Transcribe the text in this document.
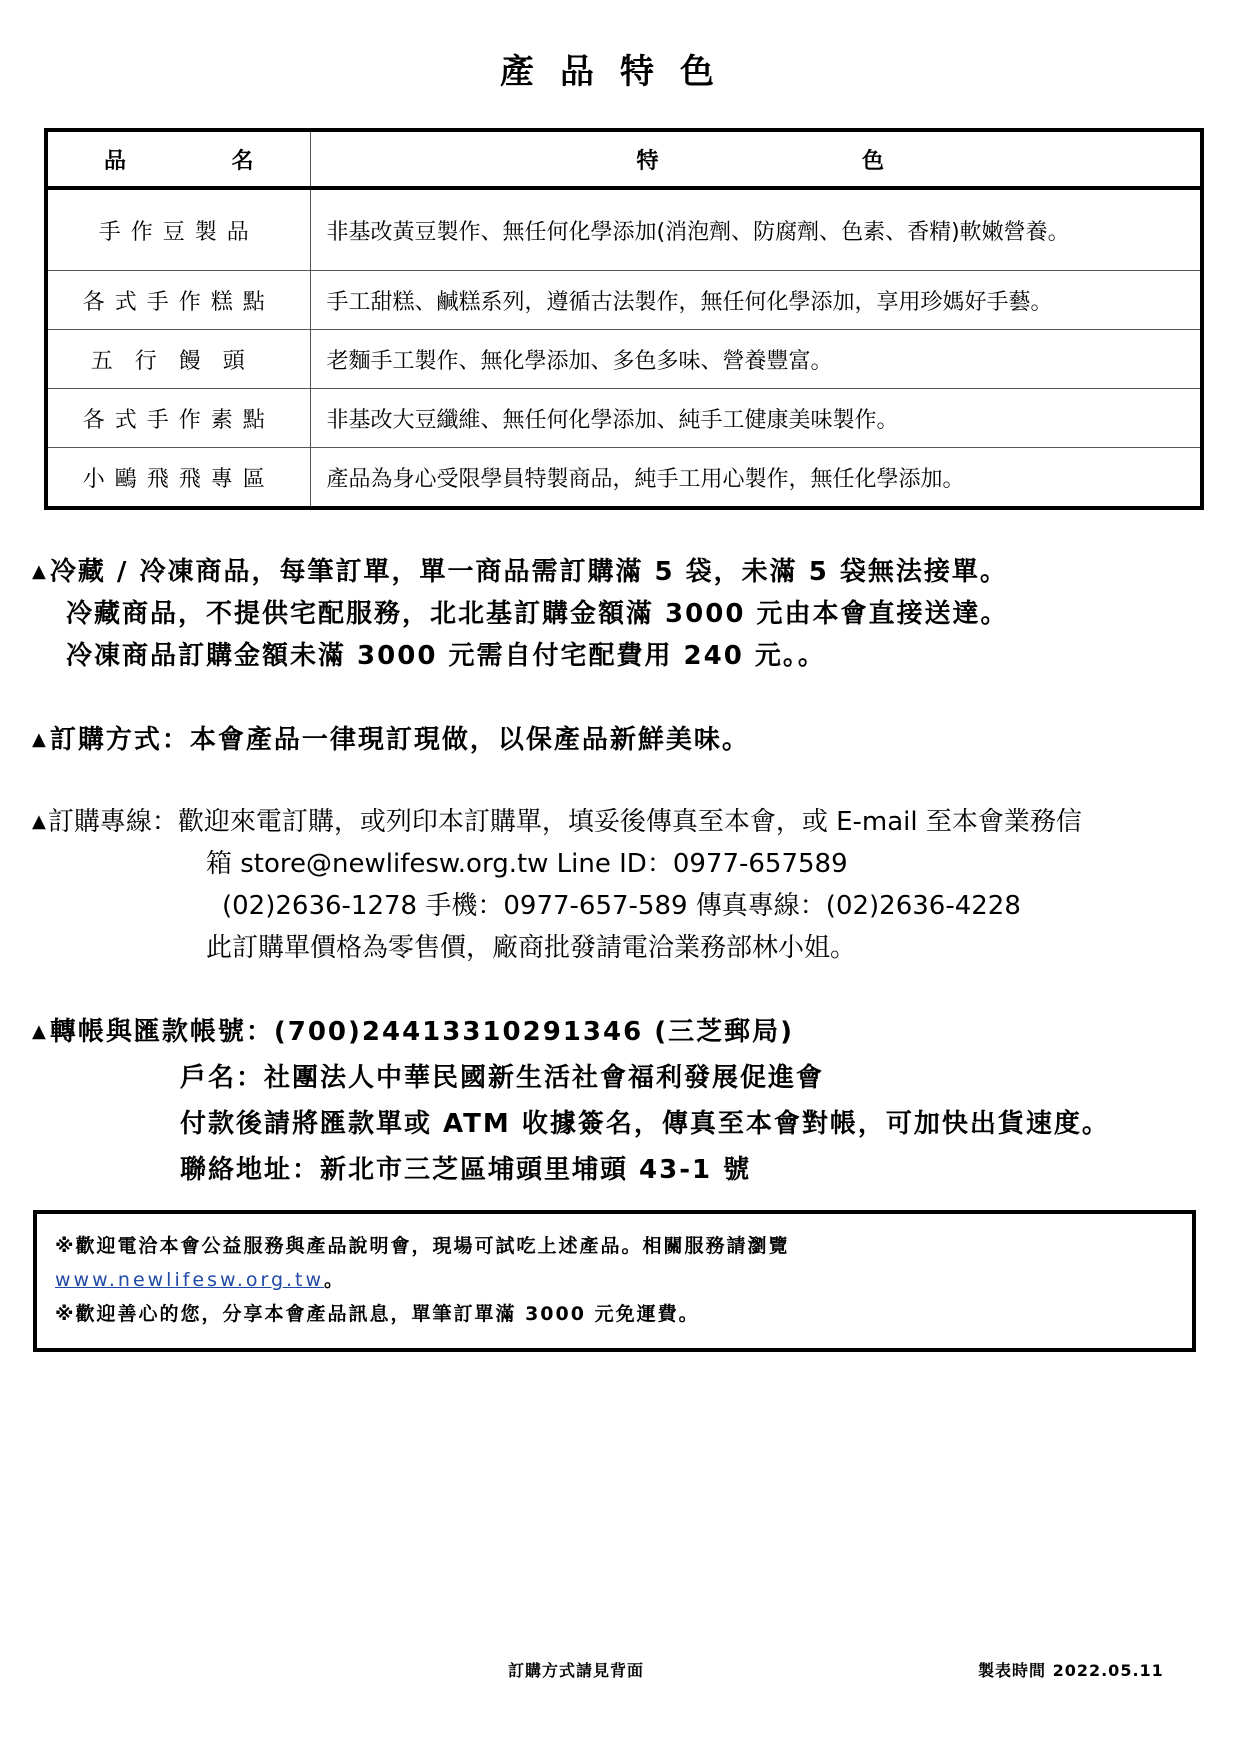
產品特色
品 名	特 色

手作豆製品	非基改黃豆製作、無任何化學添加(消泡劑、防腐劑、色素、香精)軟嫩營養。
各式手作糕點	手工甜糕、鹹糕系列，遵循古法製作，無任何化學添加，享用珍媽好手藝。
五行饅頭	老麵手工製作、無化學添加、多色多味、營養豐富。
各式手作素點	非基改大豆纖維、無任何化學添加、純手工健康美味製作。
小鷗飛飛專區	產品為身心受限學員特製商品，純手工用心製作，無任化學添加。
▲冷藏 / 冷凍商品，每筆訂單，單一商品需訂購滿 5 袋，未滿 5 袋無法接單。
冷藏商品，不提供宅配服務，北北基訂購金額滿 3000 元由本會直接送達。
冷凍商品訂購金額未滿 3000 元需自付宅配費用 240 元。。
▲訂購方式：本會產品一律現訂現做，以保產品新鮮美味。
▲訂購專線：歡迎來電訂購，或列印本訂購單，填妥後傳真至本會，或 E-mail 至本會業務信
箱 store@newlifesw.org.tw Line ID：0977-657589
(02)2636-1278 手機：0977-657-589 傳真專線：(02)2636-4228
此訂購單價格為零售價，廠商批發請電洽業務部林小姐。
▲轉帳與匯款帳號：(700)24413310291346 (三芝郵局)
戶名：社團法人中華民國新生活社會福利發展促進會
付款後請將匯款單或 ATM 收據簽名，傳真至本會對帳，可加快出貨速度。
聯絡地址：新北市三芝區埔頭里埔頭 43-1 號
※歡迎電洽本會公益服務與產品說明會，現場可試吃上述產品。相關服務請瀏覽
www.newlifesw.org.tw。
※歡迎善心的您，分享本會產品訊息，單筆訂單滿 3000 元免運費。
訂購方式請見背面	製表時間 2022.05.11
